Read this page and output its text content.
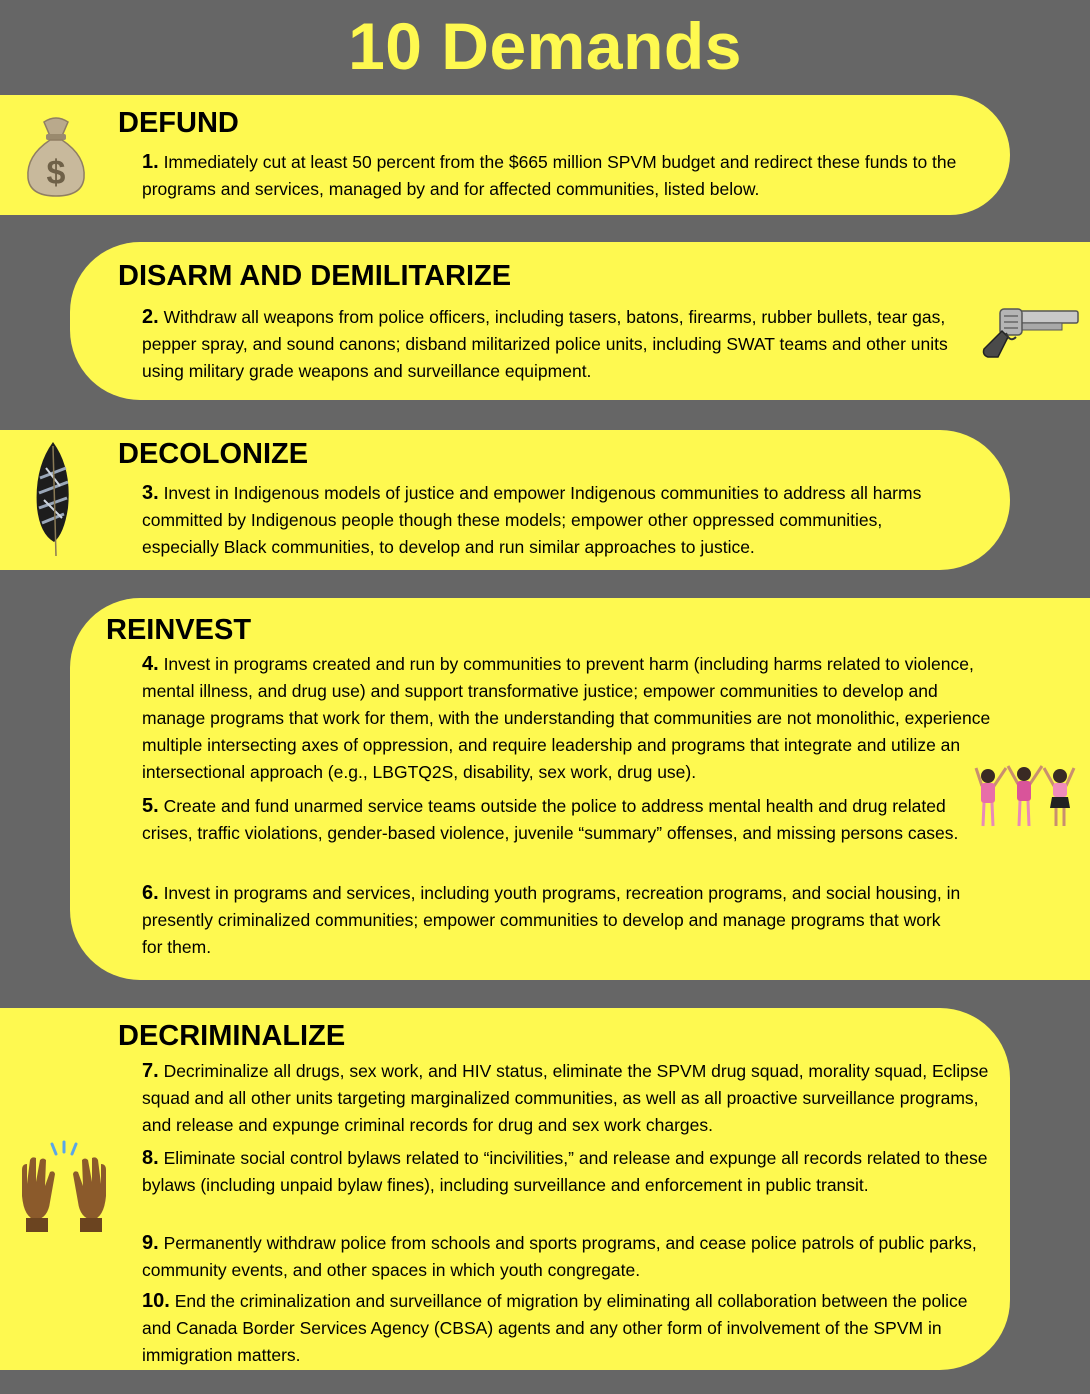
10 Demands
$
DEFUND
1. Immediately cut at least 50 percent from the $665 million SPVM budget and redirect these funds to the programs and services, managed by and for affected communities, listed below.
DISARM AND DEMILITARIZE
2. Withdraw all weapons from police officers, including tasers, batons, firearms, rubber bullets, tear gas, pepper spray, and sound canons; disband militarized police units, including SWAT teams and other units using military grade weapons and surveillance equipment.
DECOLONIZE
3. Invest in Indigenous models of justice and empower Indigenous communities to address all harms committed by Indigenous people though these models; empower other oppressed communities, especially Black communities, to develop and run similar approaches to justice.
REINVEST
4. Invest in programs created and run by communities to prevent harm (including harms related to violence, mental illness, and drug use) and support transformative justice; empower communities to develop and manage programs that work for them, with the understanding that communities are not monolithic, experience multiple intersecting axes of oppression, and require leadership and programs that integrate and utilize an intersectional approach (e.g., LBGTQ2S, disability, sex work, drug use).
5. Create and fund unarmed service teams outside the police to address mental health and drug related crises, traffic violations, gender-based violence, juvenile “summary” offenses, and missing persons cases.
6. Invest in programs and services, including youth programs, recreation programs, and social housing, in presently criminalized communities; empower communities to develop and manage programs that work for them.
DECRIMINALIZE
7. Decriminalize all drugs, sex work, and HIV status, eliminate the SPVM drug squad, morality squad, Eclipse squad and all other units targeting marginalized communities, as well as all proactive surveillance programs, and release and expunge criminal records for drug and sex work charges.
8. Eliminate social control bylaws related to “incivilities,” and release and expunge all records related to these bylaws (including unpaid bylaw fines), including surveillance and enforcement in public transit.
9. Permanently withdraw police from schools and sports programs, and cease police patrols of public parks, community events, and other spaces in which youth congregate.
10. End the criminalization and surveillance of migration by eliminating all collaboration between the police and Canada Border Services Agency (CBSA) agents and any other form of involvement of the SPVM in immigration matters.
